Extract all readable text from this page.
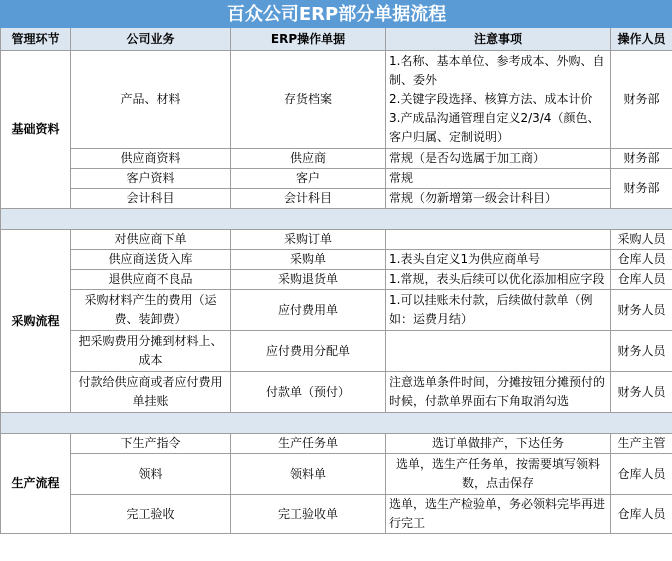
百众公司ERP部分单据流程				
管理环节	公司业务	ERP操作单据	注意事项	操作人员
基础资料	产品、材料	存货档案	1.名称、基本单位、参考成本、外购、自制、委外
2.关键字段选择、核算方法、成本计价
3.产成品沟通管理自定义2/3/4（颜色、客户归属、定制说明）	财务部
	供应商资料	供应商	常规（是否勾选属于加工商）	财务部
	客户资料	客户	常规	财务部
	会计科目	会计科目	常规（勿新增第一级会计科目）	

采购流程	对供应商下单	采购订单		采购人员
	供应商送货入库	采购单	1.表头自定义1为供应商单号	仓库人员
	退供应商不良品	采购退货单	1.常规，表头后续可以优化添加相应字段	仓库人员
	采购材料产生的费用（运费、装卸费）	应付费用单	1.可以挂账未付款，后续做付款单（例如：运费月结）	财务人员
	把采购费用分摊到材料上、成本	应付费用分配单		财务人员
	付款给供应商或者应付费用单挂账	付款单（预付）	注意选单条件时间，分摊按钮分摊预付的时候，付款单界面右下角取消勾选	财务人员

生产流程	下生产指令	生产任务单	选订单做排产，下达任务	生产主管
	领料	领料单	选单，选生产任务单，按需要填写领料数，点击保存	仓库人员
	完工验收	完工验收单	选单，选生产检验单，务必领料完毕再进行完工	仓库人员
